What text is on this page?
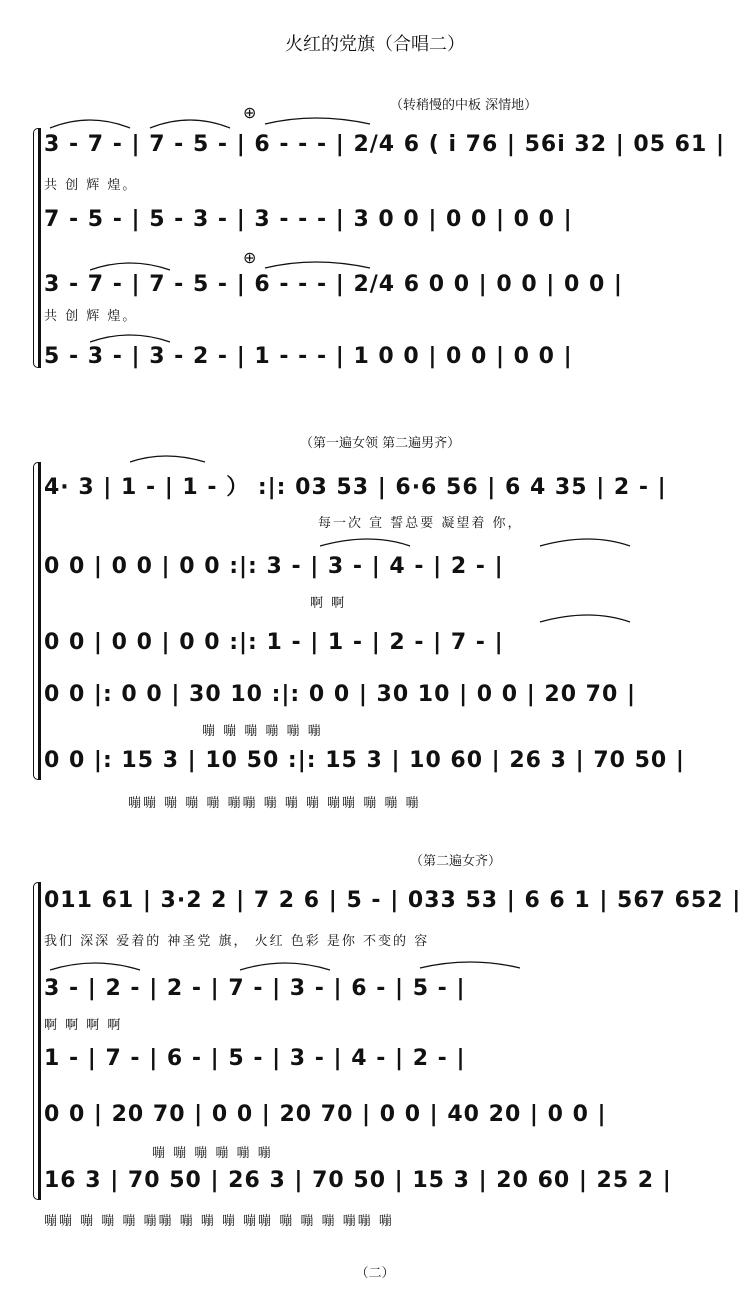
火红的党旗（合唱二）
（转稍慢的中板 深情地）
⊕
⊕
3 - 7 - | 7 - 5 - | 6 - - - | 2/4 6 ( i 76 | 56i 32 | 05 61 |
共 创 辉 煌。
7 - 5 - | 5 - 3 - | 3 - - - | 3 0 0 | 0 0 | 0 0 |
3 - 7 - | 7 - 5 - | 6 - - - | 2/4 6 0 0 | 0 0 | 0 0 |
共 创 辉 煌。
5 - 3 - | 3 - 2 - | 1 - - - | 1 0 0 | 0 0 | 0 0 |
（第一遍女领 第二遍男齐）
4· 3 | 1 - | 1 - ） :|: 03 53 | 6·6 56 | 6 4 35 | 2 - |
每一次 宣 誓总要 凝望着 你，
0 0 | 0 0 | 0 0 :|: 3 - | 3 - | 4 - | 2 - |
啊 啊
0 0 | 0 0 | 0 0 :|: 1 - | 1 - | 2 - | 7 - |
0 0 |: 0 0 | 30 10 :|: 0 0 | 30 10 | 0 0 | 20 70 |
嘣 嘣 嘣 嘣 嘣 嘣
0 0 |: 15 3 | 10 50 :|: 15 3 | 10 60 | 26 3 | 70 50 |
嘣嘣 嘣 嘣 嘣 嘣嘣 嘣 嘣 嘣 嘣嘣 嘣 嘣 嘣
（第二遍女齐）
011 61 | 3·2 2 | 7 2 6 | 5 - | 033 53 | 6 6 1 | 567 652 |
我们 深深 爱着的 神圣党 旗， 火红 色彩 是你 不变的 容
3 - | 2 - | 2 - | 7 - | 3 - | 6 - | 5 - |
啊 啊 啊 啊
1 - | 7 - | 6 - | 5 - | 3 - | 4 - | 2 - |
0 0 | 20 70 | 0 0 | 20 70 | 0 0 | 40 20 | 0 0 |
嘣 嘣 嘣 嘣 嘣 嘣
16 3 | 70 50 | 26 3 | 70 50 | 15 3 | 20 60 | 25 2 |
嘣嘣 嘣 嘣 嘣 嘣嘣 嘣 嘣 嘣 嘣嘣 嘣 嘣 嘣 嘣嘣 嘣
（二）
